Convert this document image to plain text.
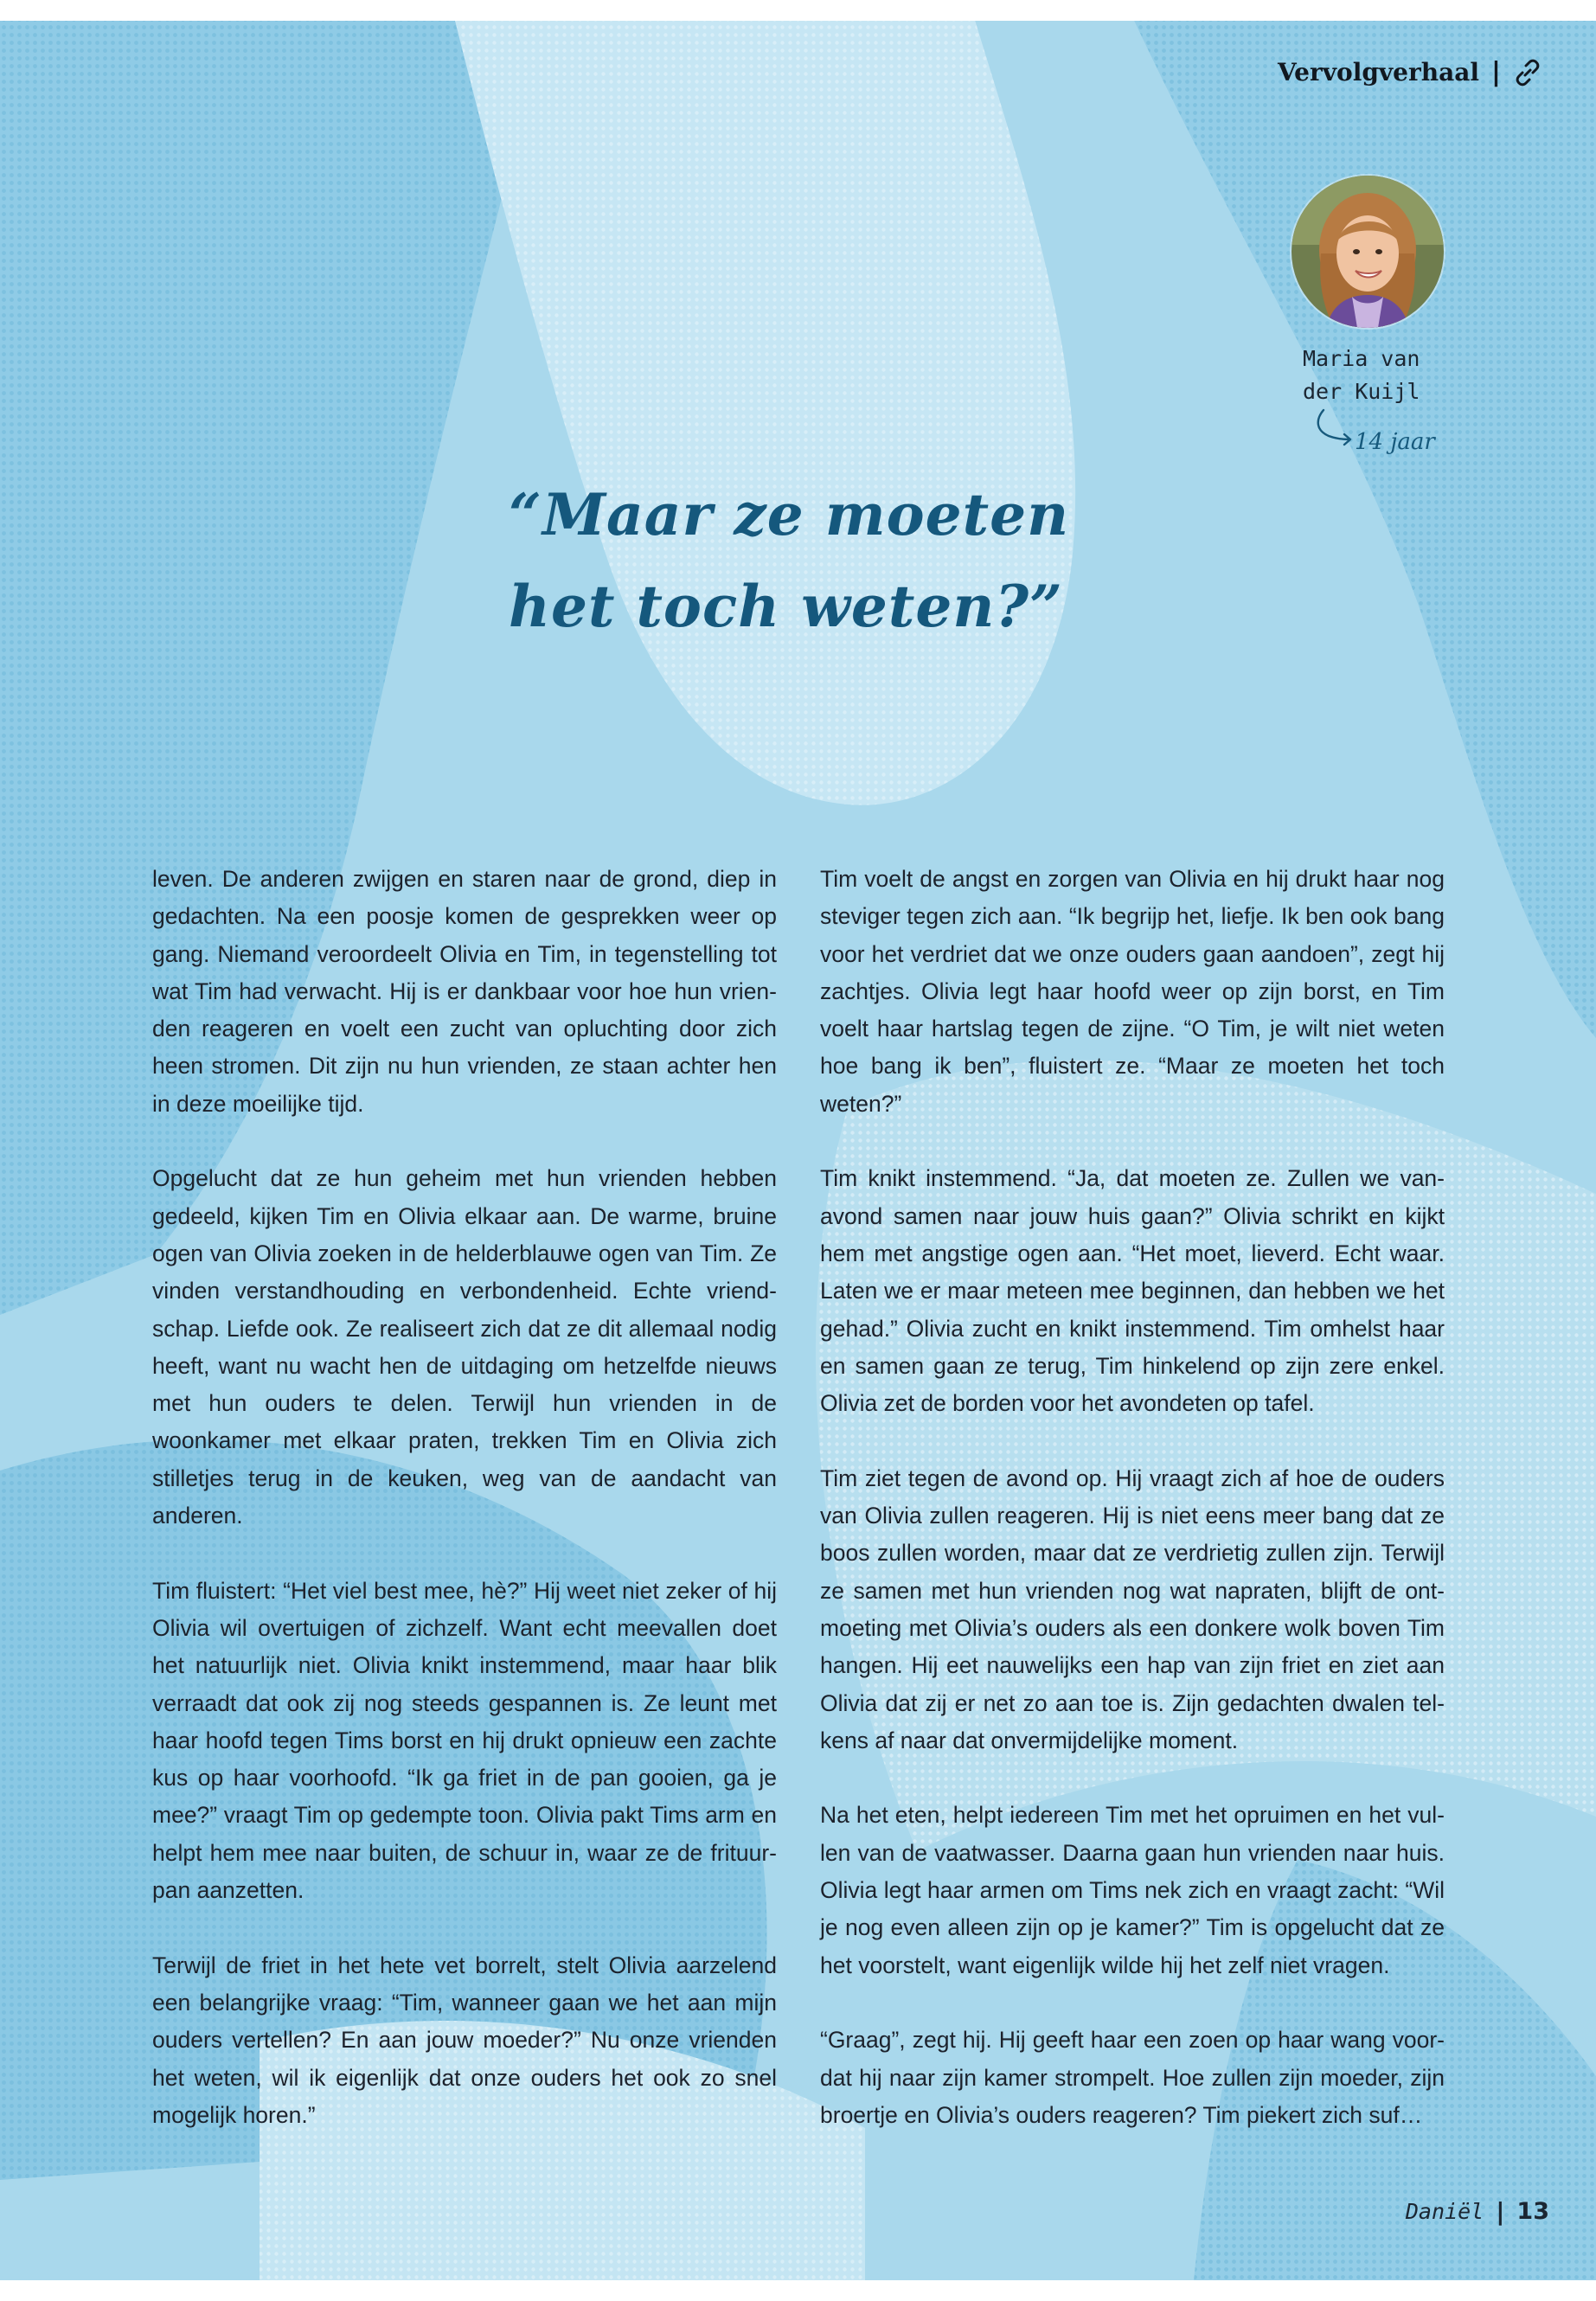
Vervolgverhaal |
Maria van
der Kuijl
14 jaar
“Maar ze moeten
het toch weten?”

leven. De anderen zwijgen en staren naar de grond, diep in gedachten. Na een poosje komen de gesprekken weer op gang. Niemand veroordeelt Olivia en Tim, in tegenstelling tot wat Tim had verwacht. Hij is er dankbaar voor hoe hun vrienden reageren en voelt een zucht van opluchting door zich heen stromen. Dit zijn nu hun vrienden, ze staan achter hen in deze moeilijke tijd.

Opgelucht dat ze hun geheim met hun vrienden hebben gedeeld, kijken Tim en Olivia elkaar aan. De warme, bruine ogen van Olivia zoeken in de helderblauwe ogen van Tim. Ze vinden verstandhouding en verbondenheid. Echte vriendschap. Liefde ook. Ze realiseert zich dat ze dit allemaal nodig heeft, want nu wacht hen de uitdaging om hetzelfde nieuws met hun ouders te delen. Terwijl hun vrienden in de woonkamer met elkaar praten, trekken Tim en Olivia zich stilletjes terug in de keuken, weg van de aandacht van anderen.

Tim fluistert: “Het viel best mee, hè?” Hij weet niet zeker of hij Olivia wil overtuigen of zichzelf. Want echt meevallen doet het natuurlijk niet. Olivia knikt instemmend, maar haar blik verraadt dat ook zij nog steeds gespannen is. Ze leunt met haar hoofd tegen Tims borst en hij drukt opnieuw een zachte kus op haar voorhoofd. “Ik ga friet in de pan gooien, ga je mee?” vraagt Tim op gedempte toon. Olivia pakt Tims arm en helpt hem mee naar buiten, de schuur in, waar ze de frituurpan aanzetten.

Terwijl de friet in het hete vet borrelt, stelt Olivia aarzelend een belangrijke vraag: “Tim, wanneer gaan we het aan mijn ouders vertellen? En aan jouw moeder?” Nu onze vrienden het weten, wil ik eigenlijk dat onze ouders het ook zo snel mogelijk horen.”

Tim voelt de angst en zorgen van Olivia en hij drukt haar nog steviger tegen zich aan. “Ik begrijp het, liefje. Ik ben ook bang voor het verdriet dat we onze ouders gaan aandoen”, zegt hij zachtjes. Olivia legt haar hoofd weer op zijn borst, en Tim voelt haar hartslag tegen de zijne. “O Tim, je wilt niet weten hoe bang ik ben”, fluistert ze. “Maar ze moeten het toch weten?”

Tim knikt instemmend. “Ja, dat moeten ze. Zullen we vanavond samen naar jouw huis gaan?” Olivia schrikt en kijkt hem met angstige ogen aan. “Het moet, lieverd. Echt waar. Laten we er maar meteen mee beginnen, dan hebben we het gehad.” Olivia zucht en knikt instemmend. Tim omhelst haar en samen gaan ze terug, Tim hinkelend op zijn zere enkel. Olivia zet de borden voor het avondeten op tafel.

Tim ziet tegen de avond op. Hij vraagt zich af hoe de ouders van Olivia zullen reageren. Hij is niet eens meer bang dat ze boos zullen worden, maar dat ze verdrietig zullen zijn. Terwijl ze samen met hun vrienden nog wat napraten, blijft de ontmoeting met Olivia’s ouders als een donkere wolk boven Tim hangen. Hij eet nauwelijks een hap van zijn friet en ziet aan Olivia dat zij er net zo aan toe is. Zijn gedachten dwalen telkens af naar dat onvermijdelijke moment.

Na het eten, helpt iedereen Tim met het opruimen en het vullen van de vaatwasser. Daarna gaan hun vrienden naar huis. Olivia legt haar armen om Tims nek zich en vraagt zacht: “Wil je nog even alleen zijn op je kamer?” Tim is opgelucht dat ze het voorstelt, want eigenlijk wilde hij het zelf niet vragen.

“Graag”, zegt hij. Hij geeft haar een zoen op haar wang voordat hij naar zijn kamer strompelt. Hoe zullen zijn moeder, zijn broertje en Olivia’s ouders reageren? Tim piekert zich suf…

Daniël | 13
